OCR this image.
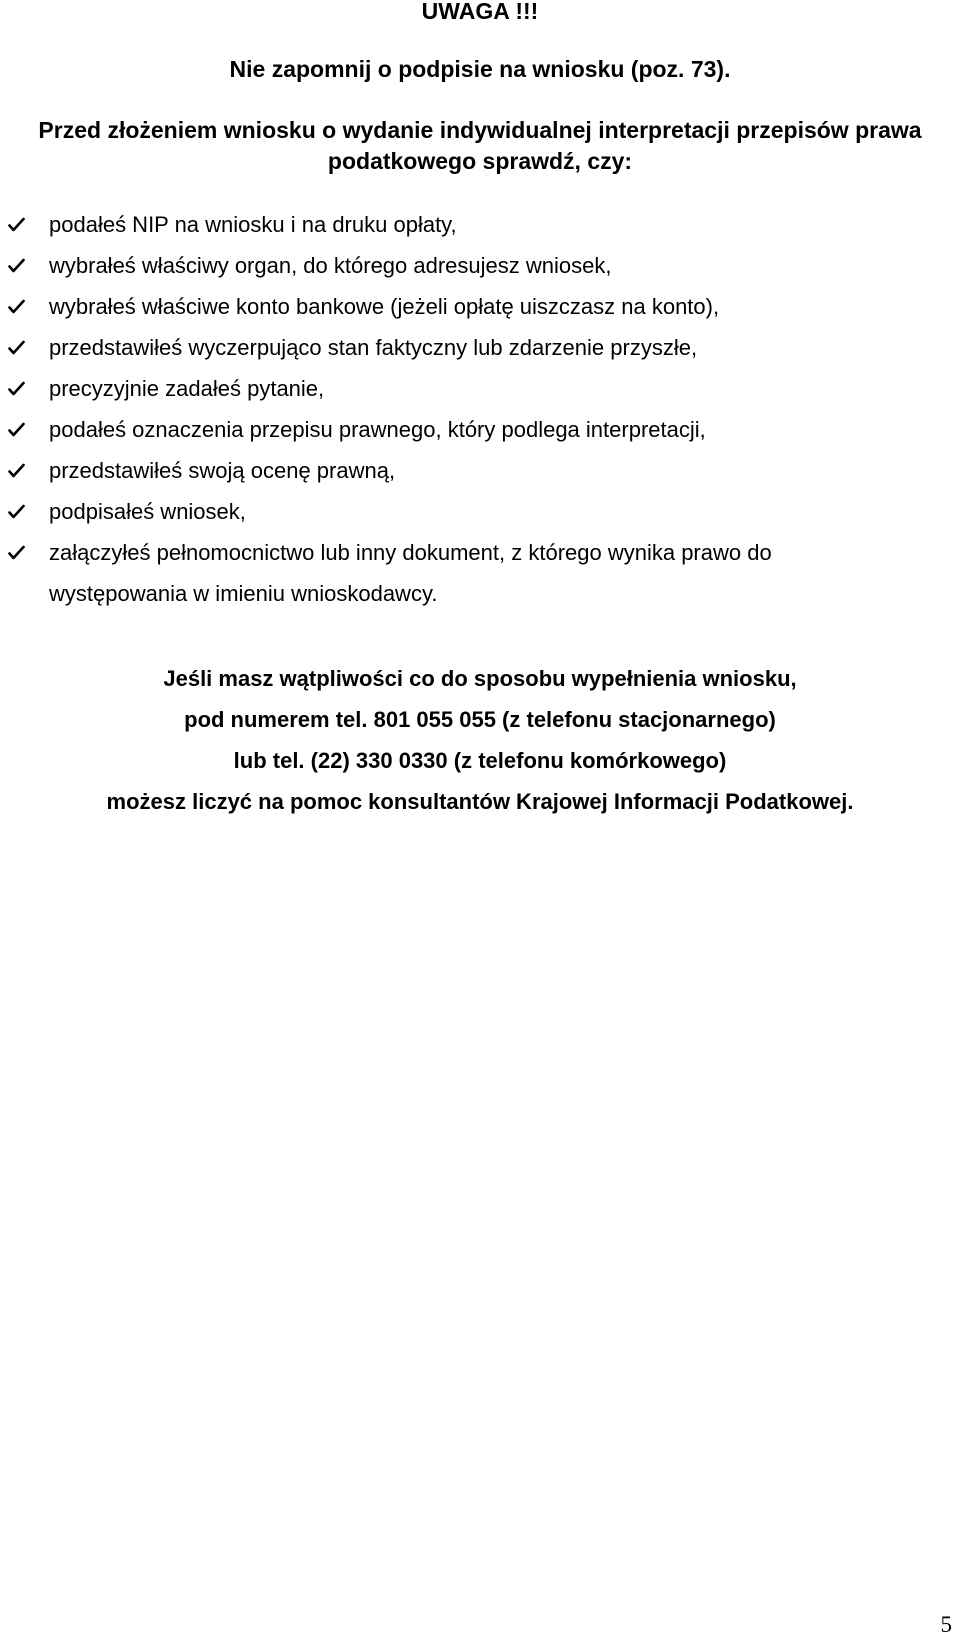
UWAGA !!!

Nie zapomnij o podpisie na wniosku (poz. 73).

Przed złożeniem wniosku o wydanie indywidualnej interpretacji przepisów prawa
podatkowego sprawdź, czy:

podałeś NIP na wniosku i na druku opłaty,
wybrałeś właściwy organ, do którego adresujesz wniosek,
wybrałeś właściwe konto bankowe (jeżeli opłatę uiszczasz na konto),
przedstawiłeś wyczerpująco stan faktyczny lub zdarzenie przyszłe,
precyzyjnie zadałeś pytanie,
podałeś oznaczenia przepisu prawnego, który podlega interpretacji,
przedstawiłeś swoją ocenę prawną,
podpisałeś wniosek,
załączyłeś pełnomocnictwo lub inny dokument, z którego wynika prawo do
występowania w imieniu wnioskodawcy.

Jeśli masz wątpliwości co do sposobu wypełnienia wniosku,
pod numerem tel. 801 055 055 (z telefonu stacjonarnego)
lub tel. (22) 330 0330 (z telefonu komórkowego)
możesz liczyć na pomoc konsultantów Krajowej Informacji Podatkowej.

5
